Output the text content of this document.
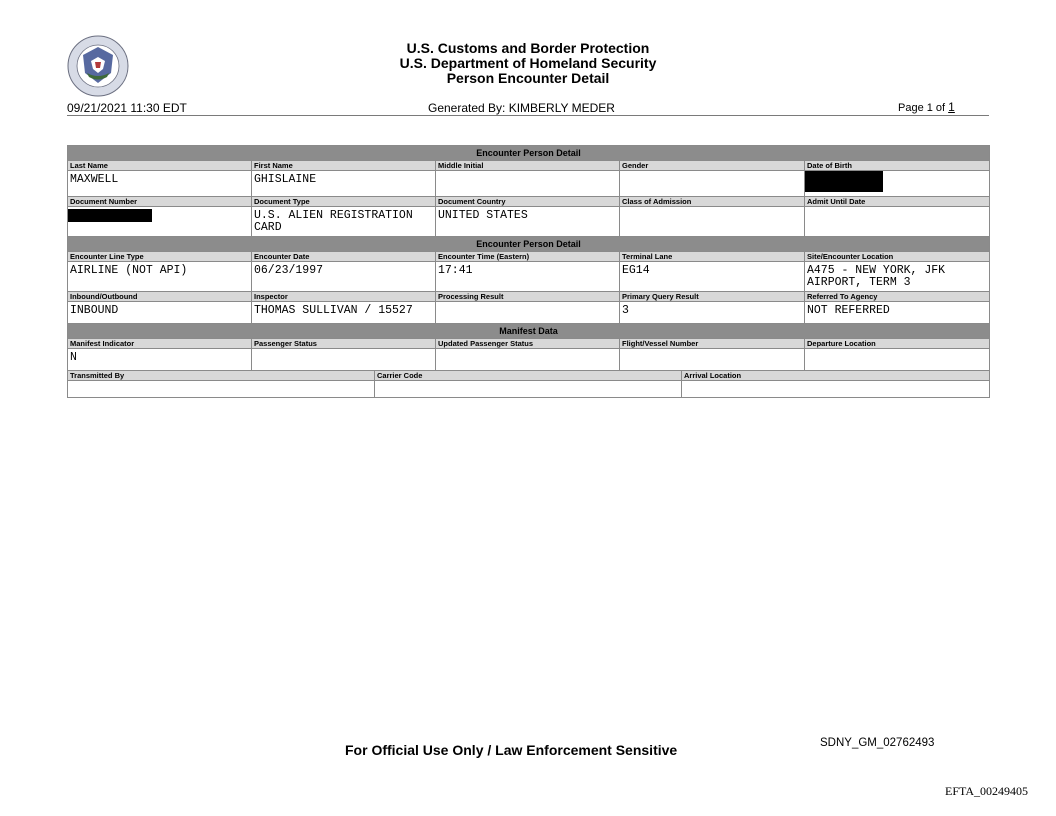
U.S. Customs and Border Protection
U.S. Department of Homeland Security
Person Encounter Detail
09/21/2021 11:30 EDT	Generated By: KIMBERLY MEDER	Page 1 of 1
Encounter Person Detail				
Last Name	First Name	Middle Initial	Gender	Date of Birth
MAXWELL	GHISLAINE			
Document Number	Document Type	Document Country	Class of Admission	Admit Until Date
	U.S. ALIEN REGISTRATION CARD	UNITED STATES		
Encounter Person Detail				
Encounter Line Type	Encounter Date	Encounter Time (Eastern)	Terminal Lane	Site/Encounter Location
AIRLINE (NOT API)	06/23/1997	17:41	EG14	A475 - NEW YORK, JFK AIRPORT, TERM 3
Inbound/Outbound	Inspector	Processing Result	Primary Query Result	Referred To Agency
INBOUND	THOMAS SULLIVAN / 15527		3	NOT REFERRED
Manifest Data				
Manifest Indicator	Passenger Status	Updated Passenger Status	Flight/Vessel Number	Departure Location
N				
Transmitted By	Carrier Code	Arrival Location

For Official Use Only / Law Enforcement Sensitive	SDNY_GM_02762493
EFTA_00249405
